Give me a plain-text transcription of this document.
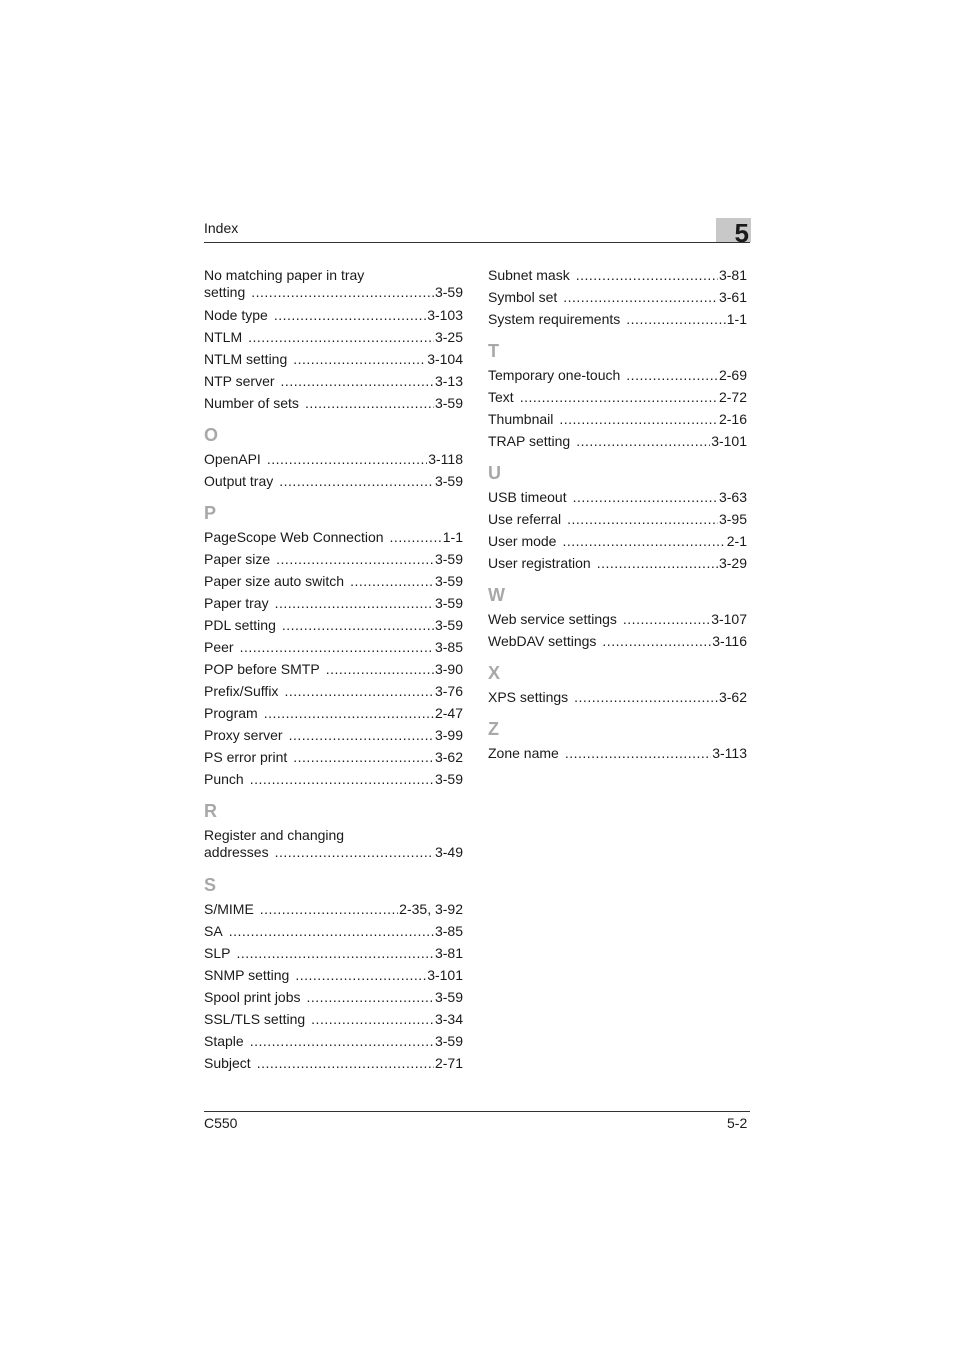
Index	5
No matching paper in tray
setting .....	3-59
Node type .....	3-103
NTLM .....	3-25
NTLM setting .....	3-104
NTP server .....	3-13
Number of sets .....	3-59
O
OpenAPI .....	3-118
Output tray .....	3-59
P
PageScope Web Connection .....	1-1
Paper size .....	3-59
Paper size auto switch .....	3-59
Paper tray .....	3-59
PDL setting .....	3-59
Peer .....	3-85
POP before SMTP .....	3-90
Prefix/Suffix .....	3-76
Program .....	2-47
Proxy server .....	3-99
PS error print .....	3-62
Punch .....	3-59
R
Register and changing
addresses .....	3-49
S
S/MIME .....	2-35, 3-92
SA .....	3-85
SLP .....	3-81
SNMP setting .....	3-101
Spool print jobs .....	3-59
SSL/TLS setting .....	3-34
Staple .....	3-59
Subject .....	2-71
Subnet mask .....	3-81
Symbol set .....	3-61
System requirements .....	1-1
T
Temporary one-touch .....	2-69
Text .....	2-72
Thumbnail .....	2-16
TRAP setting .....	3-101
U
USB timeout .....	3-63
Use referral .....	3-95
User mode .....	2-1
User registration .....	3-29
W
Web service settings .....	3-107
WebDAV settings .....	3-116
X
XPS settings .....	3-62
Z
Zone name .....	3-113
C550	5-2
